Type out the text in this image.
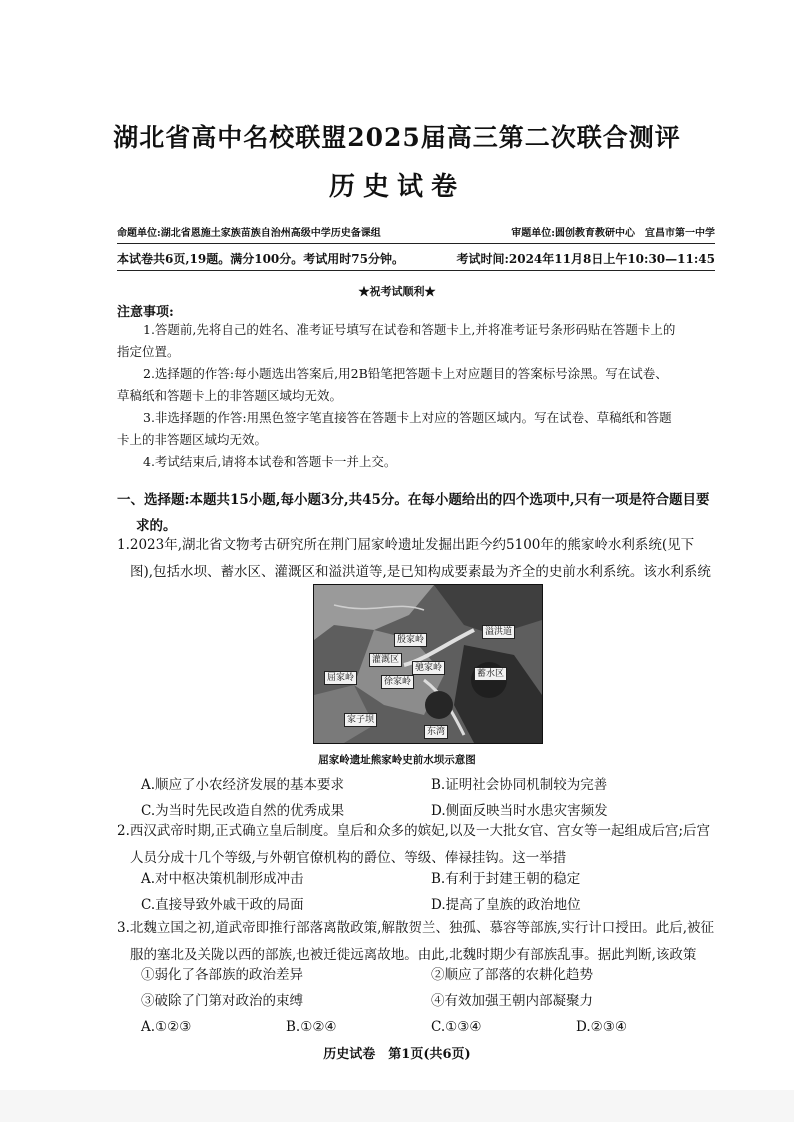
湖北省高中名校联盟2025届高三第二次联合测评
历史试卷
命题单位:湖北省恩施土家族苗族自治州高级中学历史备课组	审题单位:圆创教育教研中心　宜昌市第一中学
本试卷共6页,19题。满分100分。考试用时75分钟。	考试时间:2024年11月8日上午10:30—11:45
★祝考试顺利★
注意事项:
1.答题前,先将自己的姓名、准考证号填写在试卷和答题卡上,并将准考证号条形码贴在答题卡上的
指定位置。
2.选择题的作答:每小题选出答案后,用2B铅笔把答题卡上对应题目的答案标号涂黑。写在试卷、
草稿纸和答题卡上的非答题区域均无效。
3.非选择题的作答:用黑色签字笔直接答在答题卡上对应的答题区域内。写在试卷、草稿纸和答题
卡上的非答题区域均无效。
4.考试结束后,请将本试卷和答题卡一并上交。
一、选择题:本题共15小题,每小题3分,共45分。在每小题给出的四个选项中,只有一项是符合题目要
求的。
1.2023年,湖北省文物考古研究所在荆门屈家岭遗址发掘出距今约5100年的熊家岭水利系统(见下
图),包括水坝、蓄水区、灌溉区和溢洪道等,是已知构成要素最为齐全的史前水利系统。该水利系统
溢洪道
殷家岭
灌溉区
屈家岭
驰家岭
徐家岭
蓄水区
家子坝
东湾
屈家岭遗址熊家岭史前水坝示意图
A.顺应了小农经济发展的基本要求	B.证明社会协同机制较为完善
C.为当时先民改造自然的优秀成果	D.侧面反映当时水患灾害频发
2.西汉武帝时期,正式确立皇后制度。皇后和众多的嫔妃,以及一大批女官、宫女等一起组成后宫;后宫
人员分成十几个等级,与外朝官僚机构的爵位、等级、俸禄挂钩。这一举措
A.对中枢决策机制形成冲击	B.有利于封建王朝的稳定
C.直接导致外戚干政的局面	D.提高了皇族的政治地位
3.北魏立国之初,道武帝即推行部落离散政策,解散贺兰、独孤、慕容等部族,实行计口授田。此后,被征
服的塞北及关陇以西的部族,也被迁徙远离故地。由此,北魏时期少有部族乱事。据此判断,该政策
①弱化了各部族的政治差异	②顺应了部落的农耕化趋势
③破除了门第对政治的束缚	④有效加强王朝内部凝聚力
A.①②③	B.①②④	C.①③④	D.②③④
历史试卷　第1页(共6页)
